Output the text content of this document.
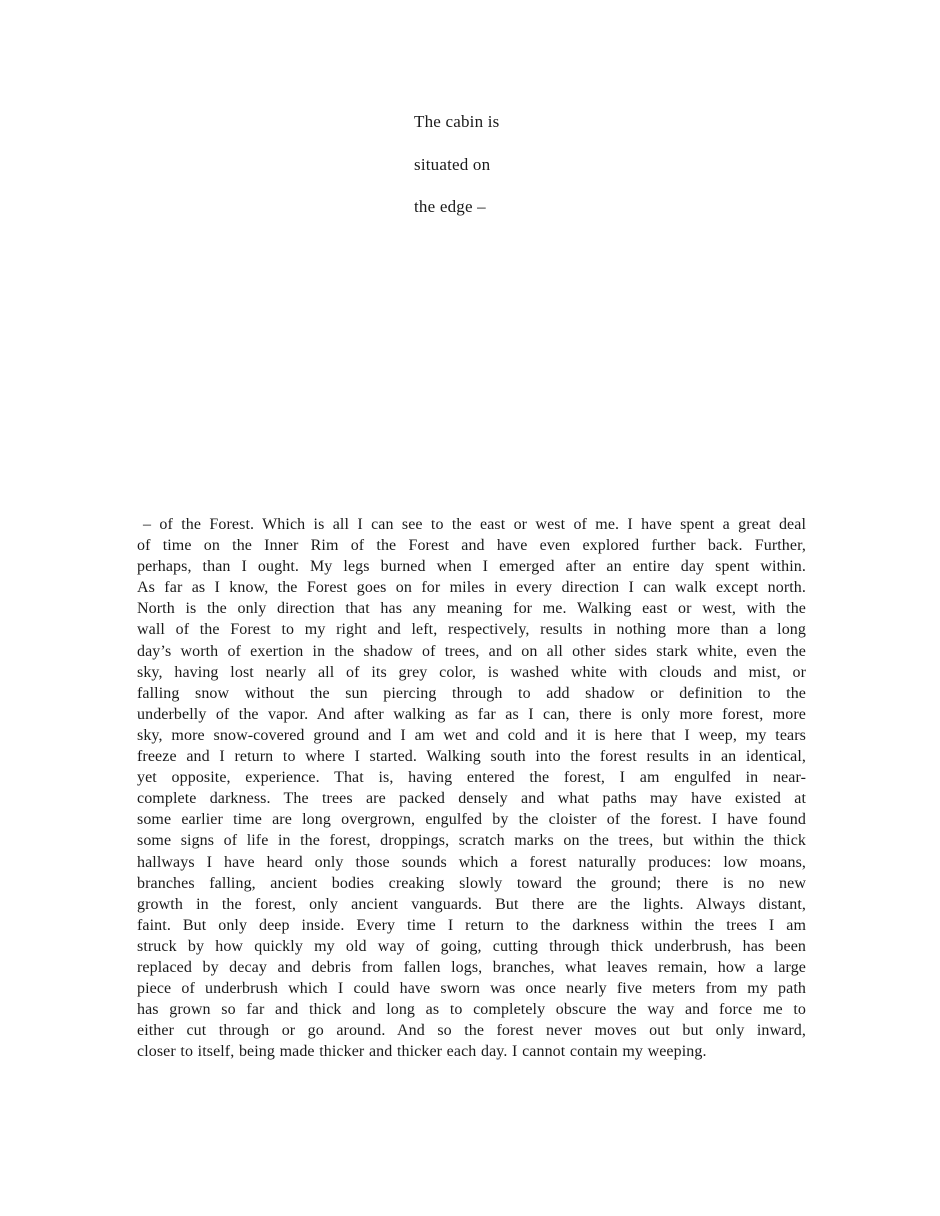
The cabin is

situated on

the edge –

– of the Forest. Which is all I can see to the east or west of me. I have spent a great deal
of time on the Inner Rim of the Forest and have even explored further back. Further,
perhaps, than I ought. My legs burned when I emerged after an entire day spent within.
As far as I know, the Forest goes on for miles in every direction I can walk except north.
North is the only direction that has any meaning for me. Walking east or west, with the
wall of the Forest to my right and left, respectively, results in nothing more than a long
day’s worth of exertion in the shadow of trees, and on all other sides stark white, even the
sky, having lost nearly all of its grey color, is washed white with clouds and mist, or
falling snow without the sun piercing through to add shadow or definition to the
underbelly of the vapor. And after walking as far as I can, there is only more forest, more
sky, more snow-covered ground and I am wet and cold and it is here that I weep, my tears
freeze and I return to where I started. Walking south into the forest results in an identical,
yet opposite, experience. That is, having entered the forest, I am engulfed in near-
complete darkness. The trees are packed densely and what paths may have existed at
some earlier time are long overgrown, engulfed by the cloister of the forest. I have found
some signs of life in the forest, droppings, scratch marks on the trees, but within the thick
hallways I have heard only those sounds which a forest naturally produces: low moans,
branches falling, ancient bodies creaking slowly toward the ground; there is no new
growth in the forest, only ancient vanguards. But there are the lights. Always distant,
faint. But only deep inside. Every time I return to the darkness within the trees I am
struck by how quickly my old way of going, cutting through thick underbrush, has been
replaced by decay and debris from fallen logs, branches, what leaves remain, how a large
piece of underbrush which I could have sworn was once nearly five meters from my path
has grown so far and thick and long as to completely obscure the way and force me to
either cut through or go around. And so the forest never moves out but only inward,
closer to itself, being made thicker and thicker each day. I cannot contain my weeping.
